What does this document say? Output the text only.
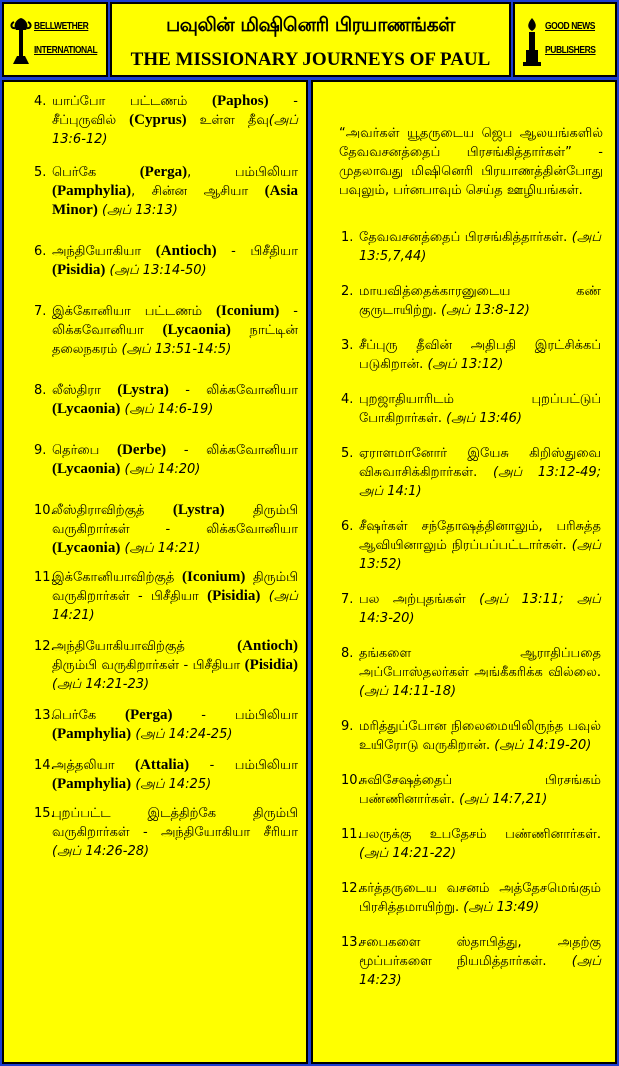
BELLWETHER
INTERNATIONAL
பவுலின் மிஷினெரி பிரயாணங்கள்
THE MISSIONARY JOURNEYS OF PAUL
GOOD NEWS
PUBLISHERS
4. யாப்போ பட்டணம் (Paphos) - சீப்புருவில் (Cyprus) உள்ள தீவு(அப் 13:6-12)
5. பெர்கே (Perga), பம்பிலியா (Pamphylia), சின்ன ஆசியா (Asia Minor) (அப் 13:13)
6. அந்தியோகியா (Antioch) - பிசீதியா (Pisidia) (அப் 13:14-50)
7. இக்கோனியா பட்டணம் (Iconium) - லிக்கவோனியா (Lycaonia) நாட்டின் தலைநகரம் (அப் 13:51-14:5)
8. லீஸ்திரா (Lystra) - லிக்கவோனியா (Lycaonia) (அப் 14:6-19)
9. தெர்பை (Derbe) - லிக்கவோனியா (Lycaonia) (அப் 14:20)
10.
லீஸ்திராவிற்குத் (Lystra) திரும்பி வருகிறார்கள் - லிக்கவோனியா (Lycaonia) (அப் 14:21)
11.
இக்கோனியாவிற்குத் (Iconium) திரும்பி வருகிறார்கள் - பிசீதியா (Pisidia) (அப் 14:21)
12.
அந்தியோகியாவிற்குத் (Antioch) திரும்பி வருகிறார்கள் - பிசீதியா (Pisidia) (அப் 14:21-23)
13.
பெர்கே (Perga) - பம்பிலியா (Pamphylia) (அப் 14:24-25)
14.
அத்தலியா (Attalia) - பம்பிலியா (Pamphylia) (அப் 14:25)
15.
புறப்பட்ட இடத்திற்கே திரும்பி வருகிறார்கள் - அந்தியோகியா சீரியா (அப் 14:26-28)
“அவர்கள் யூதருடைய ஜெப ஆலயங்களில் தேவவசனத்தைப் பிரசங்கித்தார்கள்” - முதலாவது மிஷினெரி பிரயாணத்தின்போது பவுலும், பர்னபாவும் செய்த ஊழியங்கள்.
1. தேவவசனத்தைப் பிரசங்கித்தார்கள். (அப் 13:5,7,44)
2. மாயவித்தைக்காரனுடைய கண் குருடாயிற்று. (அப் 13:8-12)
3. சீப்புரு தீவின் அதிபதி இரட்சிக்கப் படுகிறான். (அப் 13:12)
4. புறஜாதியாரிடம் புறப்பட்டுப் போகிறார்கள். (அப் 13:46)
5. ஏராளமானோர் இயேசு கிறிஸ்துவை விசுவாசிக்கிறார்கள். (அப் 13:12-49; அப் 14:1)
6. சீஷர்கள் சந்தோஷத்தினாலும், பரிசுத்த ஆவியினாலும் நிரப்பப்பட்டார்கள். (அப் 13:52)
7. பல அற்புதங்கள் (அப் 13:11; அப் 14:3-20)
8. தங்களை ஆராதிப்பதை அப்போஸ்தலர்கள் அங்கீகரிக்க வில்லை. (அப் 14:11-18)
9. மரித்துப்போன நிலைமையிலிருந்த பவுல் உயிரோடு வருகிறான். (அப் 14:19-20)
10.
சுவிசேஷத்தைப் பிரசங்கம் பண்ணினார்கள். (அப் 14:7,21)
11.
பலருக்கு உபதேசம் பண்ணினார்கள். (அப் 14:21-22)
12.
கர்த்தருடைய வசனம் அத்தேசமெங்கும் பிரசித்தமாயிற்று. (அப் 13:49)
13.
சபைகளை ஸ்தாபித்து, அதற்கு மூப்பர்களை நியமித்தார்கள். (அப் 14:23)
